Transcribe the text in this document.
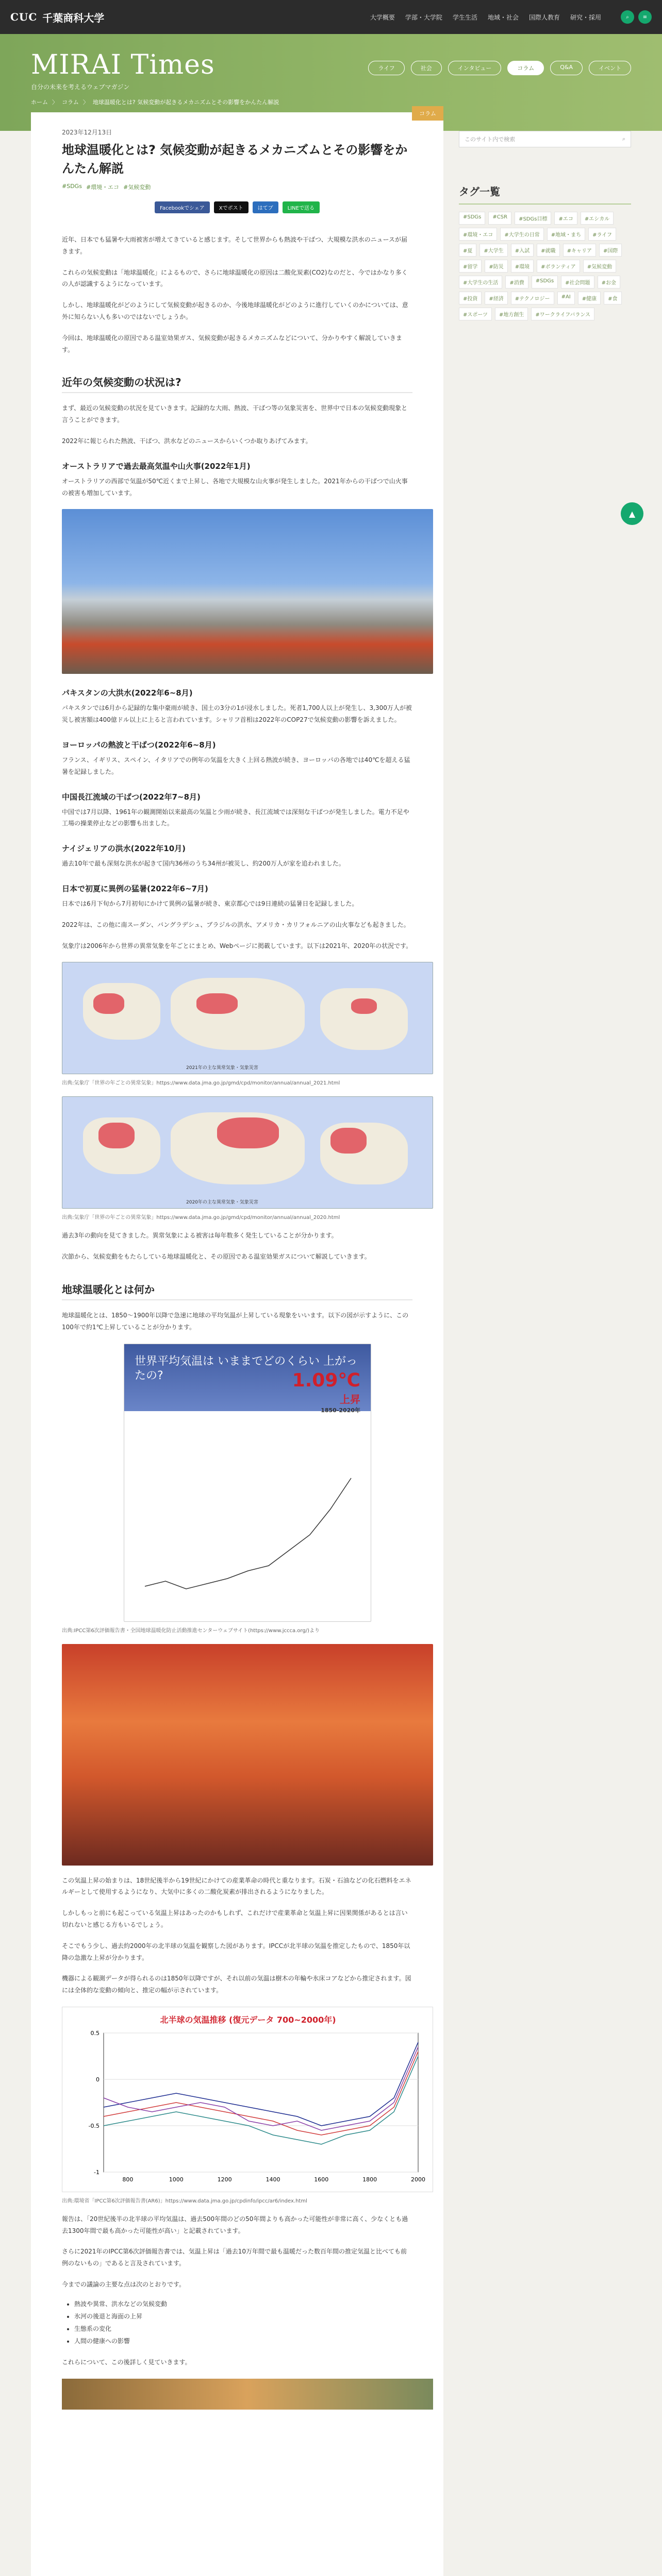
CUC 千葉商科大学	大学概要 学部・大学院 学生生活 地域・社会 国際人教育 研究・採用	⌕	≡
MIRAI Times
自分の未来を考えるウェブマガジン
ライフ	社会	インタビュー	コラム	Q&A	イベント
ホーム 〉 コラム 〉 地球温暖化とは? 気候変動が起きるメカニズムとその影響をかんたん解説
コラム
2023年12月13日
地球温暖化とは? 気候変動が起きるメカニズムとその影響をかんたん解説
#SDGs #環境・エコ #気候変動
Facebookでシェア	Xでポスト	はてブ	LINEで送る

近年、日本でも猛暑や大雨被害が増えてきていると感じます。そして世界からも熱波や干ばつ、大規模な洪水のニュースが届きます。

これらの気候変動は「地球温暖化」によるもので、さらに地球温暖化の原因は二酸化炭素(CO2)なのだと、今ではかなり多くの人が認識するようになっています。

しかし、地球温暖化がどのようにして気候変動が起きるのか、今後地球温暖化がどのように進行していくのかについては、意外に知らない人も多いのではないでしょうか。

今回は、地球温暖化の原因である温室効果ガス、気候変動が起きるメカニズムなどについて、分かりやすく解説していきます。

近年の気候変動の状況は?

まず、最近の気候変動の状況を見ていきます。記録的な大雨、熱波、干ばつ等の気象災害を、世界中で日本の気候変動現象と言うことができます。

2022年に報じられた熱波、干ばつ、洪水などのニュースからいくつか取りあげてみます。

オーストラリアで過去最高気温や山火事(2022年1月)

オーストラリアの西部で気温が50℃近くまで上昇し、各地で大規模な山火事が発生しました。2021年からの干ばつで山火事の被害も増加しています。

パキスタンの大洪水(2022年6~8月)

パキスタンでは6月から記録的な集中豪雨が続き、国土の3分の1が浸水しました。死者1,700人以上が発生し、3,300万人が被災し被害額は400億ドル以上に上ると言われています。シャリフ首相は2022年のCOP27で気候変動の影響を訴えました。

ヨーロッパの熱波と干ばつ(2022年6~8月)

フランス、イギリス、スペイン、イタリアでの例年の気温を大きく上回る熱波が続き、ヨーロッパの各地では40℃を超える猛暑を記録しました。

中国長江流域の干ばつ(2022年7~8月)

中国では7月以降、1961年の観測開始以来最高の気温と少雨が続き、長江流域では深刻な干ばつが発生しました。電力不足や工場の操業停止などの影響も出ました。

ナイジェリアの洪水(2022年10月)

過去10年で最も深刻な洪水が起きて国内36州のうち34州が被災し、約200万人が家を追われました。

日本で初夏に異例の猛暑(2022年6~7月)

日本では6月下旬から7月初旬にかけて異例の猛暑が続き、東京都心では9日連続の猛暑日を記録しました。

2022年は、この他に南スーダン、バングラデシュ、ブラジルの洪水、アメリカ・カリフォルニアの山火事なども起きました。

気象庁は2006年から世界の異常気象を年ごとにまとめ、Webページに掲載しています。以下は2021年、2020年の状況です。

2021年の主な異常気象・気象災害
出典:気象庁「世界の年ごとの異常気象」https://www.data.jma.go.jp/gmd/cpd/monitor/annual/annual_2021.html
2020年の主な異常気象・気象災害
出典:気象庁「世界の年ごとの異常気象」https://www.data.jma.go.jp/gmd/cpd/monitor/annual/annual_2020.html

過去3年の動向を見てきました。異常気象による被害は毎年数多く発生していることが分かります。

次節から、気候変動をもたらしている地球温暖化と、その原因である温室効果ガスについて解説していきます。

地球温暖化とは何か

地球温暖化とは、1850〜1900年以降で急速に地球の平均気温が上昇している現象をいいます。以下の図が示すように、この100年で約1℃上昇していることが分かります。

世界平均気温は いままでどのくらい 上がったの?	1.09℃
上昇
1850-2020年
出典:IPCC第6次評価報告書・全国地球温暖化防止活動推進センターウェブサイト(https://www.jccca.org/)より

この気温上昇の始まりは、18世紀後半から19世紀にかけての産業革命の時代と重なります。石炭・石油などの化石燃料をエネルギーとして使用するようになり、大気中に多くの二酸化炭素が排出されるようになりました。

しかしもっと前にも起こっている気温上昇はあったのかもしれず、これだけで産業革命と気温上昇に因果関係があるとは言い切れないと感じる方もいるでしょう。

そこでもう少し、過去約2000年の北半球の気温を観察した図があります。IPCCが北半球の気温を推定したもので、1850年以降の急激な上昇が分かります。

機器による観測データが得られるのは1850年以降ですが、それ以前の気温は樹木の年輪や氷床コアなどから推定されます。図には全体的な変動の傾向と、推定の幅が示されています。

北半球の気温推移 (復元データ 700~2000年)
0.5
0
-0.5
-1
800	1000	1200	1400	1600	1800	2000
出典:環境省「IPCC第6次評価報告書(AR6)」https://www.data.jma.go.jp/cpdinfo/ipcc/ar6/index.html

報告は、「20世紀後半の北半球の平均気温は、過去500年間のどの50年間よりも高かった可能性が非常に高く、少なくとも過去1300年間で最も高かった可能性が高い」と記載されています。

さらに2021年のIPCC第6次評価報告書では、気温上昇は「過去10万年間で最も温暖だった数百年間の推定気温と比べても前例のないもの」であると言及されています。

今までの議論の主要な点は次のとおりです。

• 熱波や異常、洪水などの気候変動
• 氷河の後退と海面の上昇
• 生態系の変化
• 人間の健康への影響

これらについて、この後詳しく見ていきます。

このサイト内で検索	⌕
タグ一覧
#SDGs	#CSR	#SDGs目標	#エコ	#エシカル
#環境・エコ	#大学生の日常	#地域・まち	#ライフ
#夏	#大学生	#入試	#就職	#キャリア	#国際
#留学	#防災	#環境	#ボランティア	#気候変動
#大学生の生活	#消費	#SDGs	#社会問題	#お金
#投資	#経済	#テクノロジー	#AI	#健康	#食
#スポーツ	#地方創生	#ワークライフバランス
▲
